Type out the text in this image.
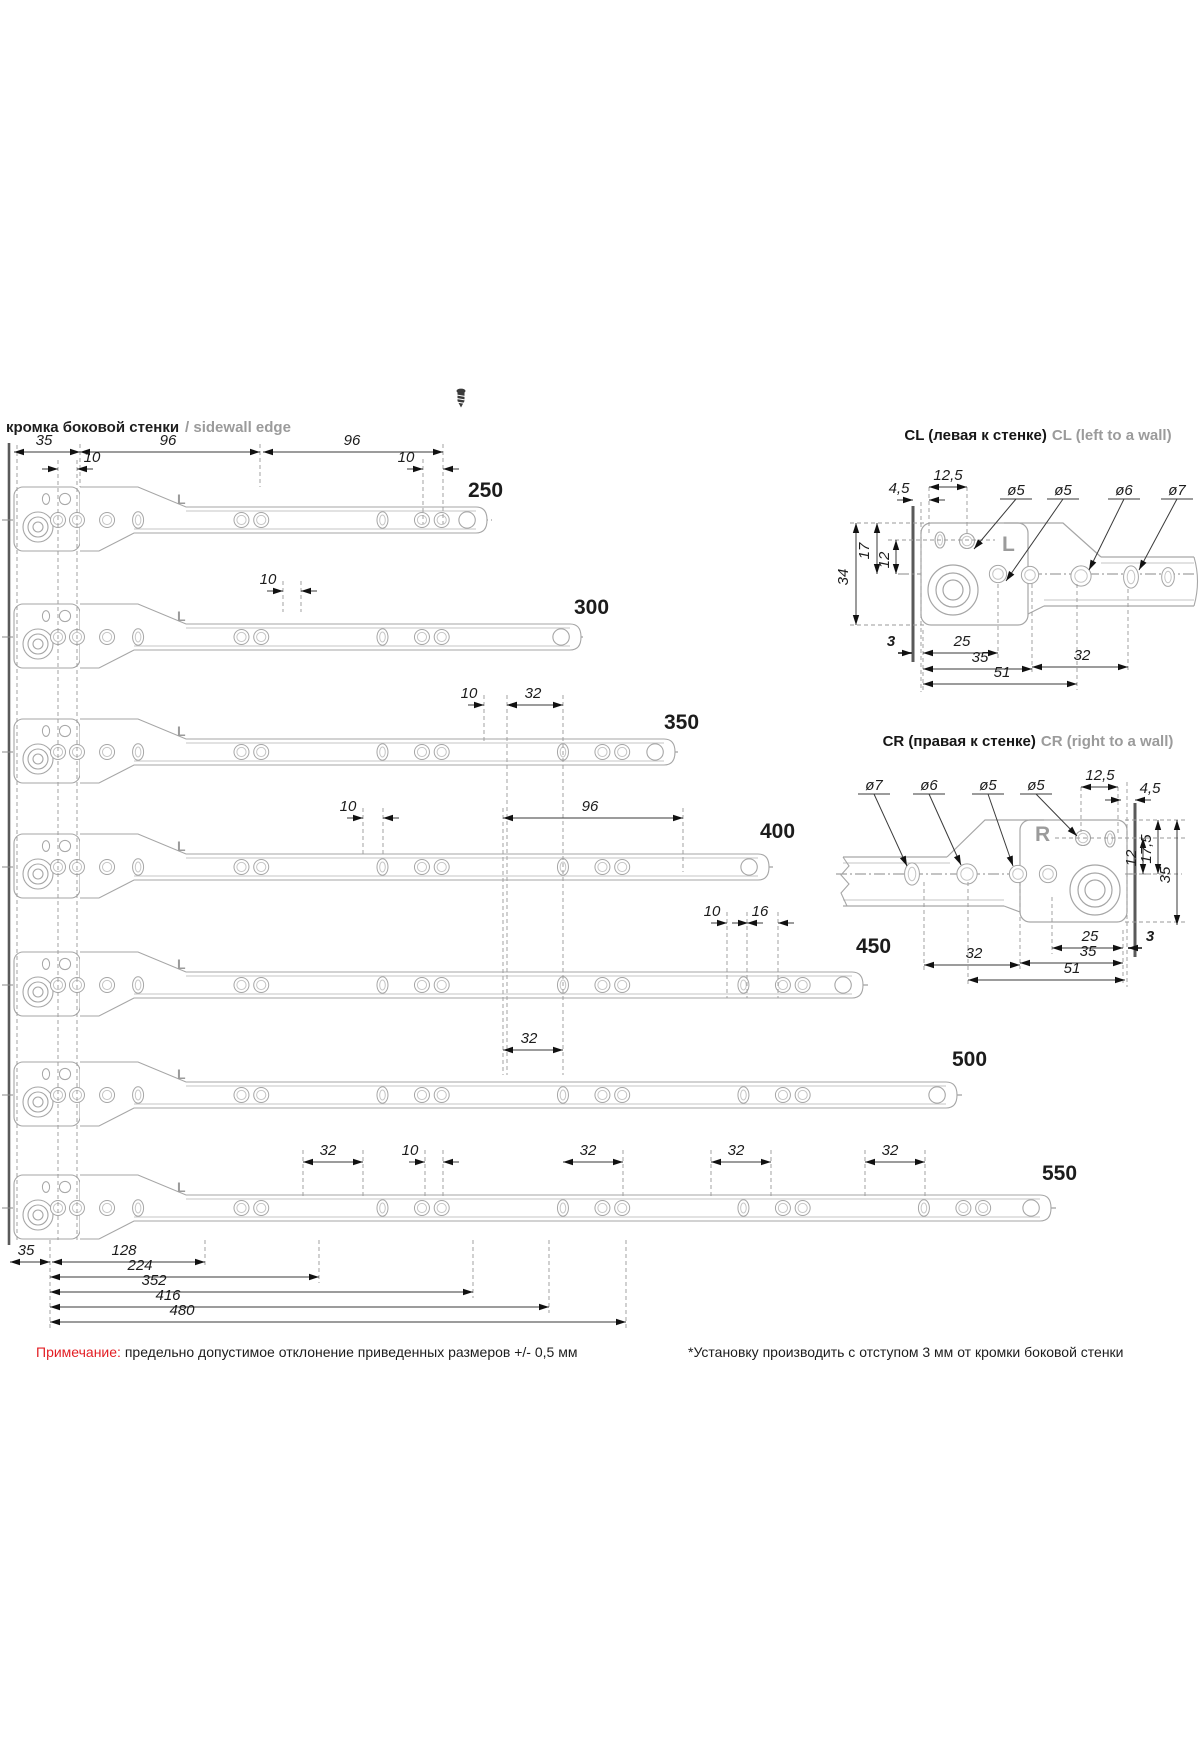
L	250
L	300
L	350
L
400
L
450
L
500
L
550
L
R
35	96	96
10	10
10
10	32
10	96
10 16
32
32	10	32	32	32
35	128
224
352
416
480
12,5
4,5
25
35	32
51
3
17
12
34
12,5
4,5
25
35
32
51
3
12
17,5
35
ø5 ø5	ø6 ø7
ø7 ø6	ø5 ø5
кромка боковой стенки / sidewall edge	CL (левая к стенке) CL (left to a wall)
CR (правая к стенке) CR (right to a wall)
Примечание: предельно допустимое отклонение приведенных размеров +/- 0,5 мм	*Установку производить с отступом 3 мм от кромки боковой стенки
